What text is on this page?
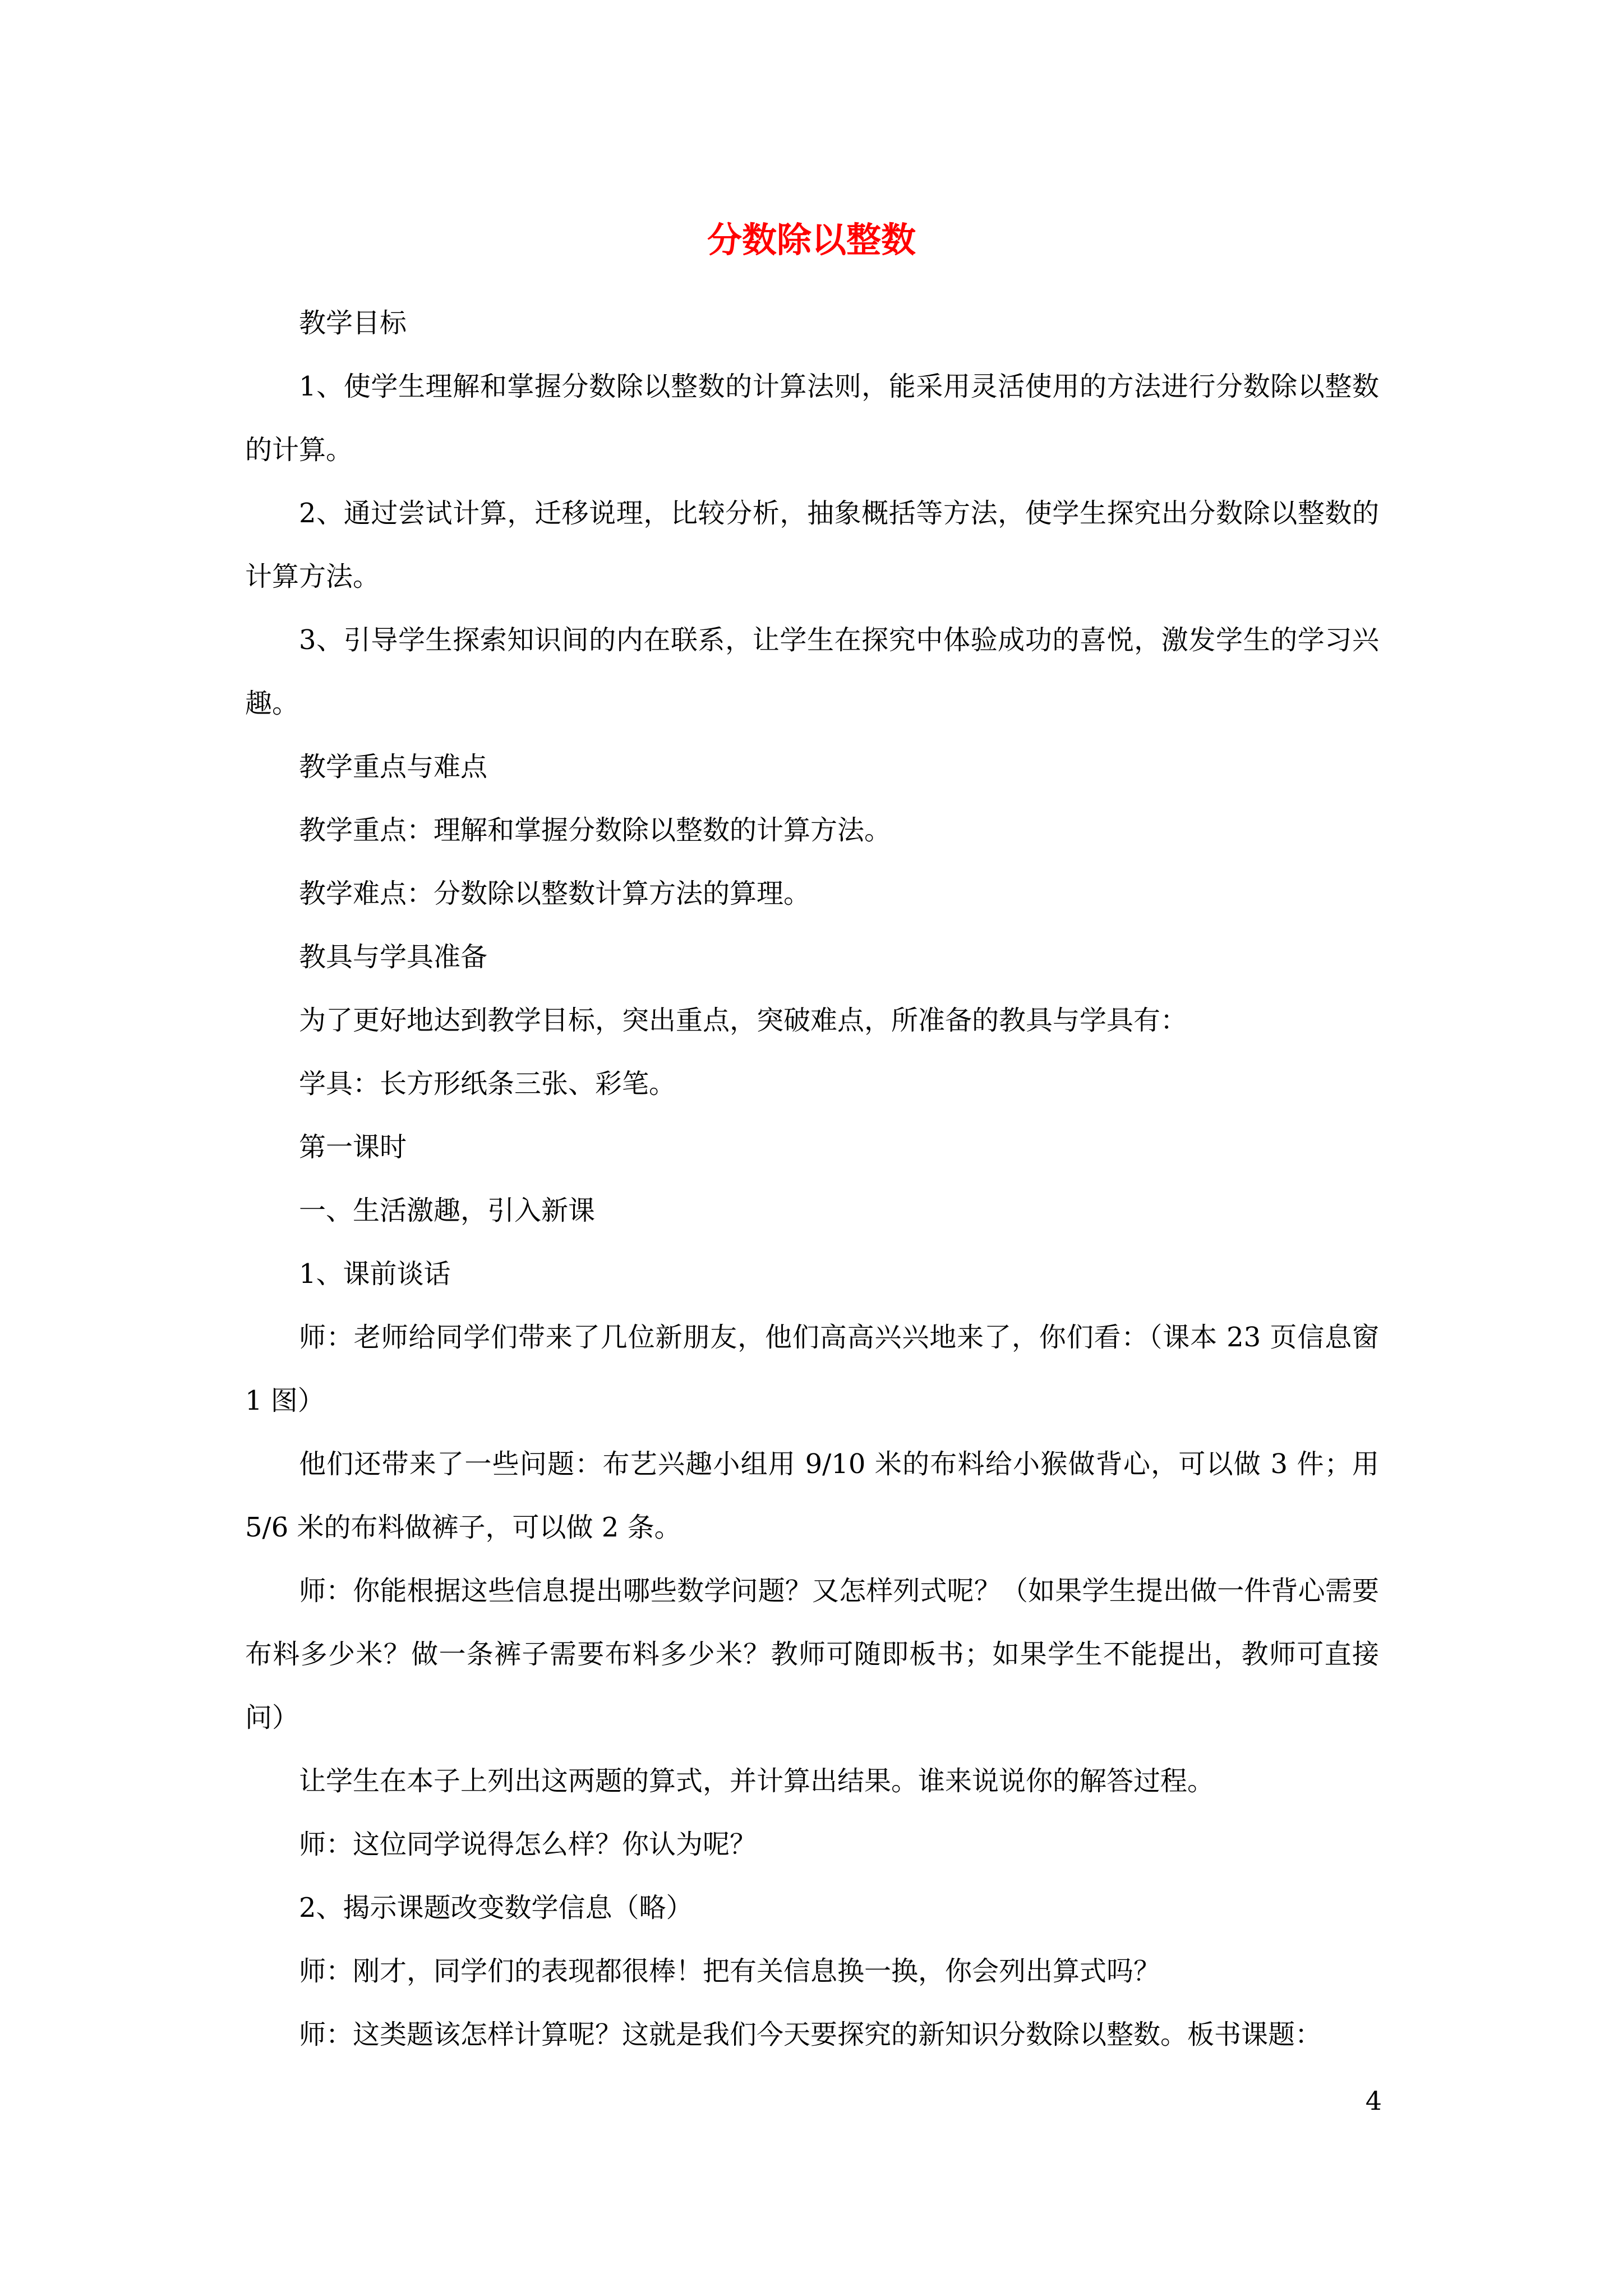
分数除以整数

教学目标

1、使学生理解和掌握分数除以整数的计算法则，能采用灵活使用的方法进行分数除以整数的计算。

2、通过尝试计算，迁移说理，比较分析，抽象概括等方法，使学生探究出分数除以整数的计算方法。

3、引导学生探索知识间的内在联系，让学生在探究中体验成功的喜悦，激发学生的学习兴趣。

教学重点与难点

教学重点：理解和掌握分数除以整数的计算方法。

教学难点：分数除以整数计算方法的算理。

教具与学具准备

为了更好地达到教学目标，突出重点，突破难点，所准备的教具与学具有：

学具：长方形纸条三张、彩笔。

第一课时

一、生活激趣，引入新课

1、课前谈话

师：老师给同学们带来了几位新朋友，他们高高兴兴地来了，你们看：（课本 23 页信息窗 1 图）

他们还带来了一些问题：布艺兴趣小组用 9/10 米的布料给小猴做背心，可以做 3 件；用 5/6 米的布料做裤子，可以做 2 条。

师：你能根据这些信息提出哪些数学问题？又怎样列式呢？（如果学生提出做一件背心需要布料多少米？做一条裤子需要布料多少米？教师可随即板书；如果学生不能提出，教师可直接问）

让学生在本子上列出这两题的算式，并计算出结果。谁来说说你的解答过程。

师：这位同学说得怎么样？你认为呢？

2、揭示课题改变数学信息（略）

师：刚才，同学们的表现都很棒！把有关信息换一换，你会列出算式吗？

师：这类题该怎样计算呢？这就是我们今天要探究的新知识分数除以整数。板书课题：

4
